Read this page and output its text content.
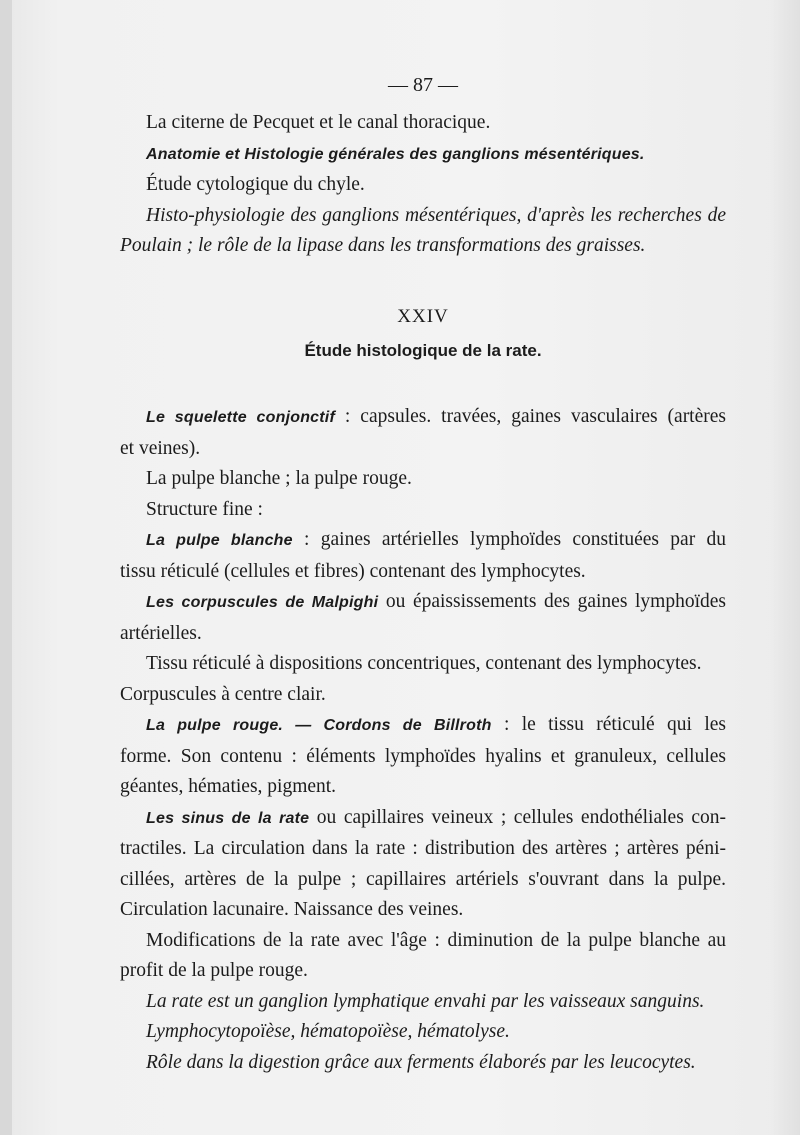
— 87 —

La citerne de Pecquet et le canal thoracique.

Anatomie et Histologie générales des ganglions mésentériques.

Étude cytologique du chyle.

Histo-physiologie des ganglions mésentériques, d'après les recherches de

Poulain ; le rôle de la lipase dans les transformations des graisses.

XXIV
Étude histologique de la rate.

Le squelette conjonctif : capsules. travées, gaines vasculaires (artères

et veines).

La pulpe blanche ; la pulpe rouge.

Structure fine :

La pulpe blanche : gaines artérielles lymphoïdes constituées par du

tissu réticulé (cellules et fibres) contenant des lymphocytes.

Les corpuscules de Malpighi ou épaississements des gaines lymphoïdes

artérielles.

Tissu réticulé à dispositions concentriques, contenant des lymphocytes.

Corpuscules à centre clair.

La pulpe rouge. — Cordons de Billroth : le tissu réticulé qui les

forme. Son contenu : éléments lymphoïdes hyalins et granuleux, cellules

géantes, hématies, pigment.

Les sinus de la rate ou capillaires veineux ; cellules endothéliales con-

tractiles. La circulation dans la rate : distribution des artères ; artères péni-

cillées, artères de la pulpe ; capillaires artériels s'ouvrant dans la pulpe.

Circulation lacunaire. Naissance des veines.

Modifications de la rate avec l'âge : diminution de la pulpe blanche au

profit de la pulpe rouge.

La rate est un ganglion lymphatique envahi par les vaisseaux sanguins.

Lymphocytopoïèse, hématopoïèse, hématolyse.

Rôle dans la digestion grâce aux ferments élaborés par les leucocytes.
